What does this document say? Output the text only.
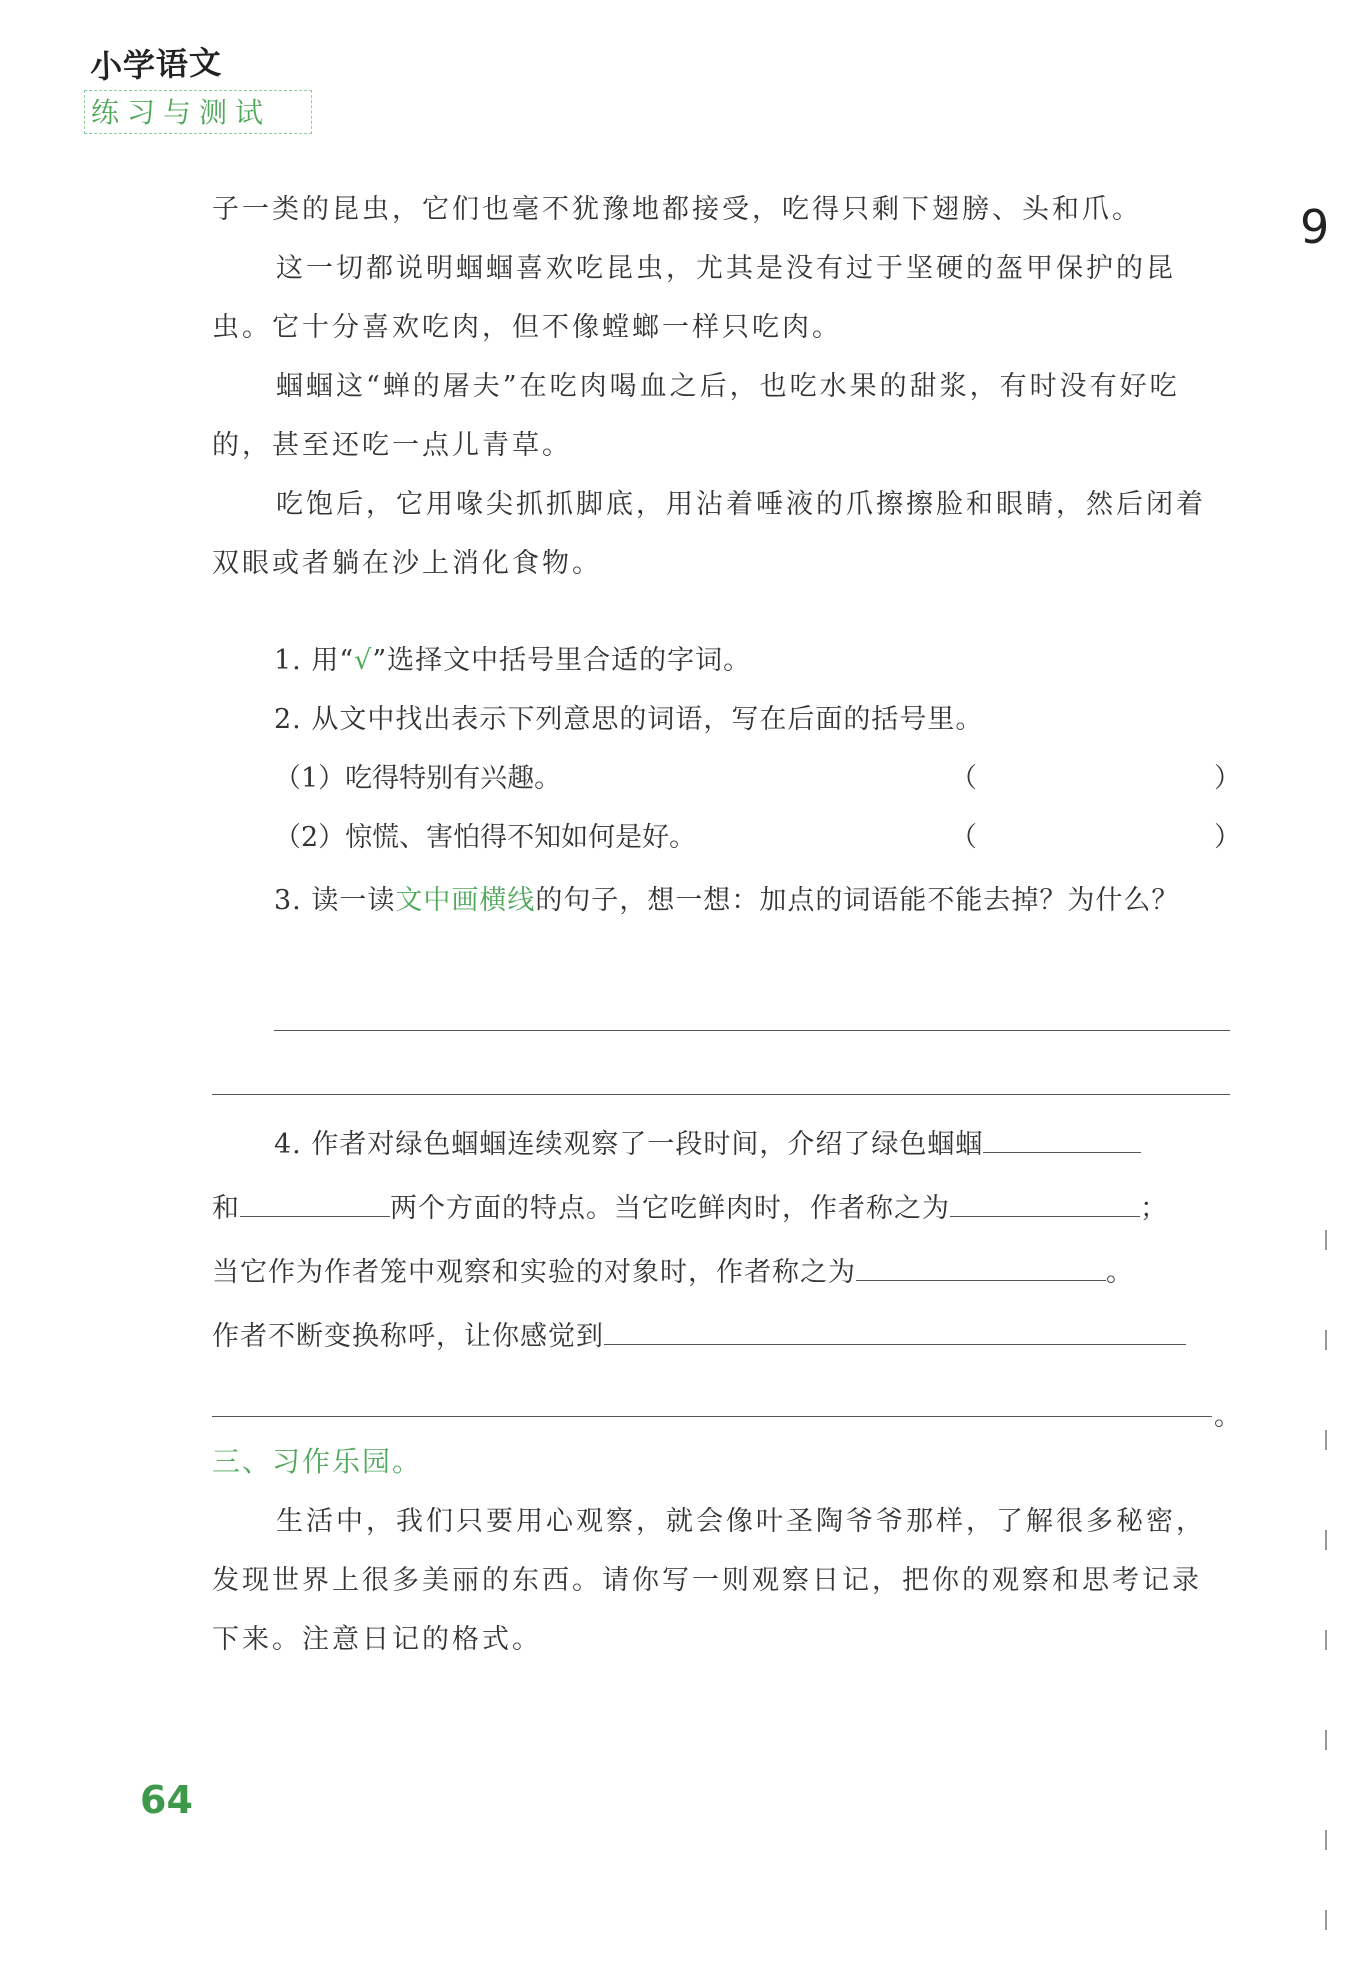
小学语文
练习与测试
9

子一类的昆虫，它们也毫不犹豫地都接受，吃得只剩下翅膀、头和爪。

这一切都说明蝈蝈喜欢吃昆虫，尤其是没有过于坚硬的盔甲保护的昆虫。它十分喜欢吃肉，但不像螳螂一样只吃肉。

蝈蝈这“蝉的屠夫”在吃肉喝血之后，也吃水果的甜浆，有时没有好吃的，甚至还吃一点儿青草。

吃饱后，它用喙尖抓抓脚底，用沾着唾液的爪擦擦脸和眼睛，然后闭着双眼或者躺在沙上消化食物。

1. 用“√”选择文中括号里合适的字词。
2. 从文中找出表示下列意思的词语，写在后面的括号里。
（1）吃得特别有兴趣。	（	）
（2）惊慌、害怕得不知如何是好。	（	）
3. 读一读文中画横线的句子，想一想：加点的词语能不能去掉？为什么？
4. 作者对绿色蝈蝈连续观察了一段时间，介绍了绿色蝈蝈
和	两个方面的特点。当它吃鲜肉时，作者称之为	；
当它作为作者笼中观察和实验的对象时，作者称之为	。
作者不断变换称呼，让你感觉到
。
三、习作乐园。

生活中，我们只要用心观察，就会像叶圣陶爷爷那样，了解很多秘密，发现世界上很多美丽的东西。请你写一则观察日记，把你的观察和思考记录下来。注意日记的格式。

64
